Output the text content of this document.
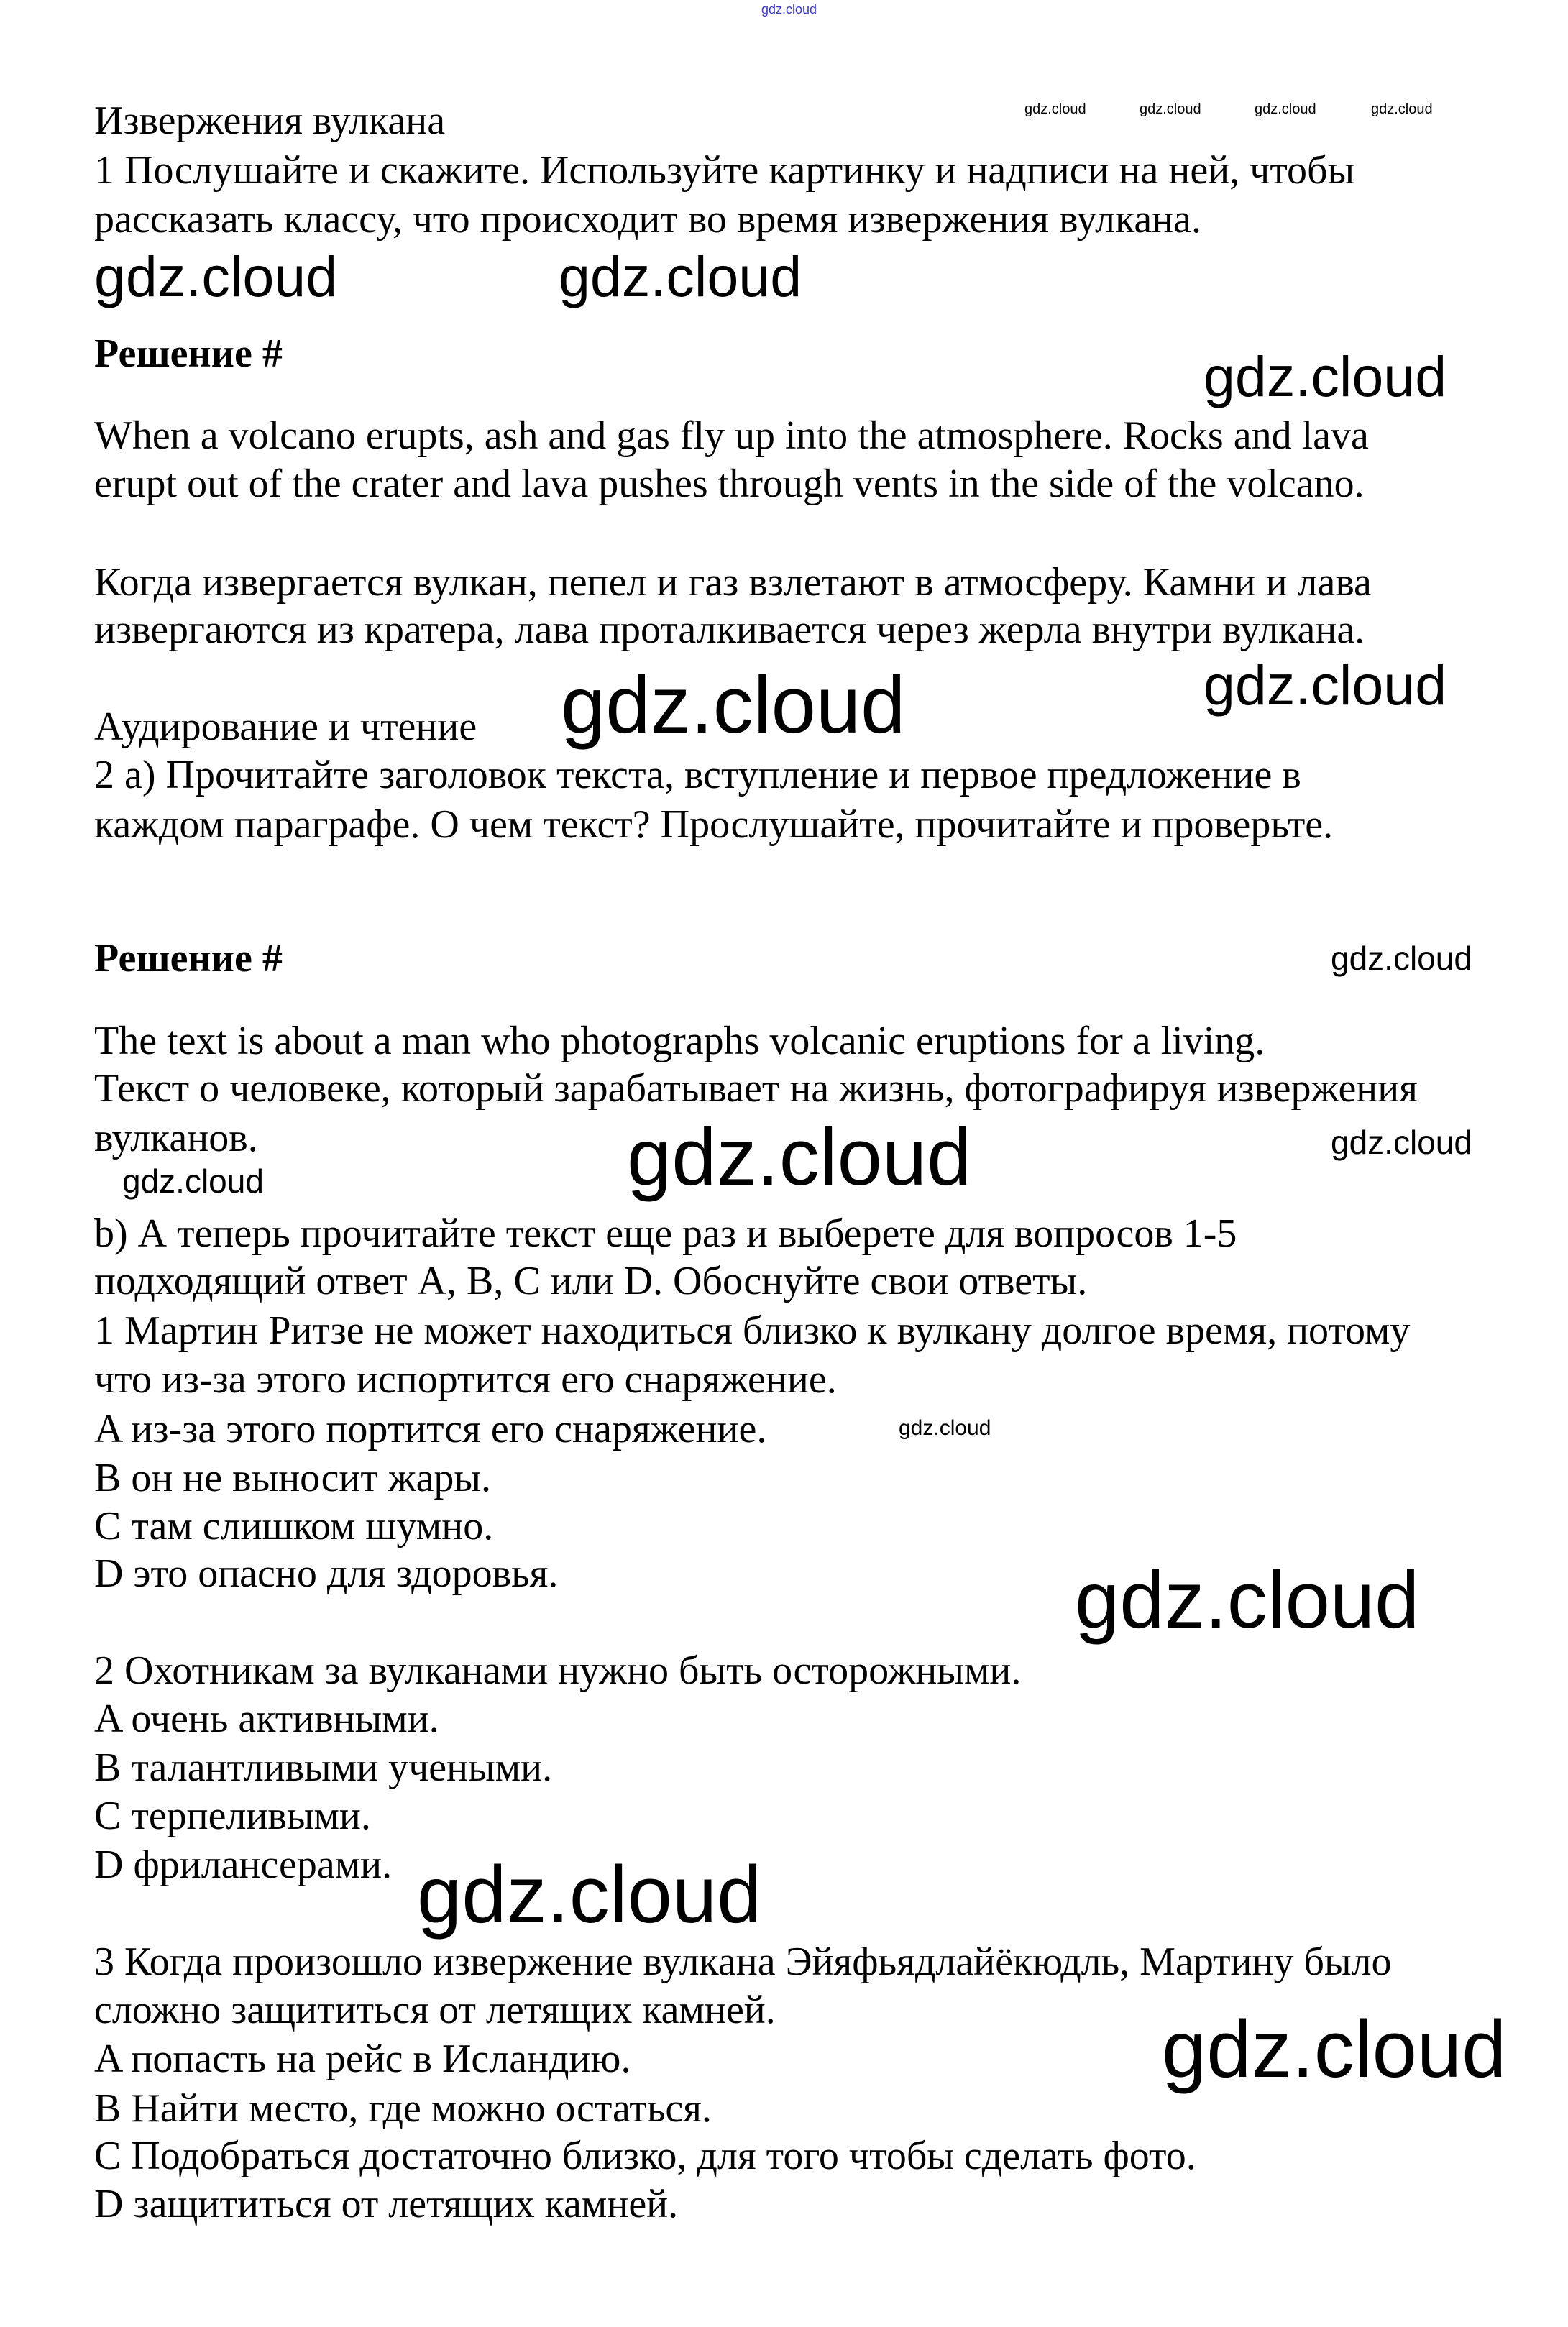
Извержения вулкана
1 Послушайте и скажите. Используйте картинку и надписи на ней, чтобы
рассказать классу, что происходит во время извержения вулкана.
Решение #
When a volcano erupts, ash and gas fly up into the atmosphere. Rocks and lava
erupt out of the crater and lava pushes through vents in the side of the volcano.
Когда извергается вулкан, пепел и газ взлетают в атмосферу. Камни и лава
извергаются из кратера, лава проталкивается через жерла внутри вулкана.
Аудирование и чтение
2 а) Прочитайте заголовок текста, вступление и первое предложение в
каждом параграфе. О чем текст? Прослушайте, прочитайте и проверьте.
Решение #
The text is about a man who photographs volcanic eruptions for a living.
Текст о человеке, который зарабатывает на жизнь, фотографируя извержения
вулканов.
b) А теперь прочитайте текст еще раз и выберете для вопросов 1-5
подходящий ответ A, B, C или D. Обоснуйте свои ответы.
1 Мартин Ритзе не может находиться близко к вулкану долгое время, потому
что из-за этого испортится его снаряжение.
A из-за этого портится его снаряжение.
B он не выносит жары.
C там слишком шумно.
D это опасно для здоровья.
2 Охотникам за вулканами нужно быть осторожными.
A очень активными.
B талантливыми учеными.
C терпеливыми.
D фрилансерами.
3 Когда произошло извержение вулкана Эйяфьядлайёкюдль, Мартину было
сложно защититься от летящих камней.
A попасть на рейс в Исландию.
B Найти место, где можно остаться.
C Подобраться достаточно близко, для того чтобы сделать фото.
D защититься от летящих камней.
gdz.cloud
gdz.cloud	gdz.cloud	gdz.cloud	gdz.cloud
gdz.cloud	gdz.cloud
gdz.cloud
gdz.cloud
gdz.cloud
gdz.cloud
gdz.cloud
gdz.cloud
gdz.cloud
gdz.cloud
gdz.cloud
gdz.cloud
gdz.cloud
